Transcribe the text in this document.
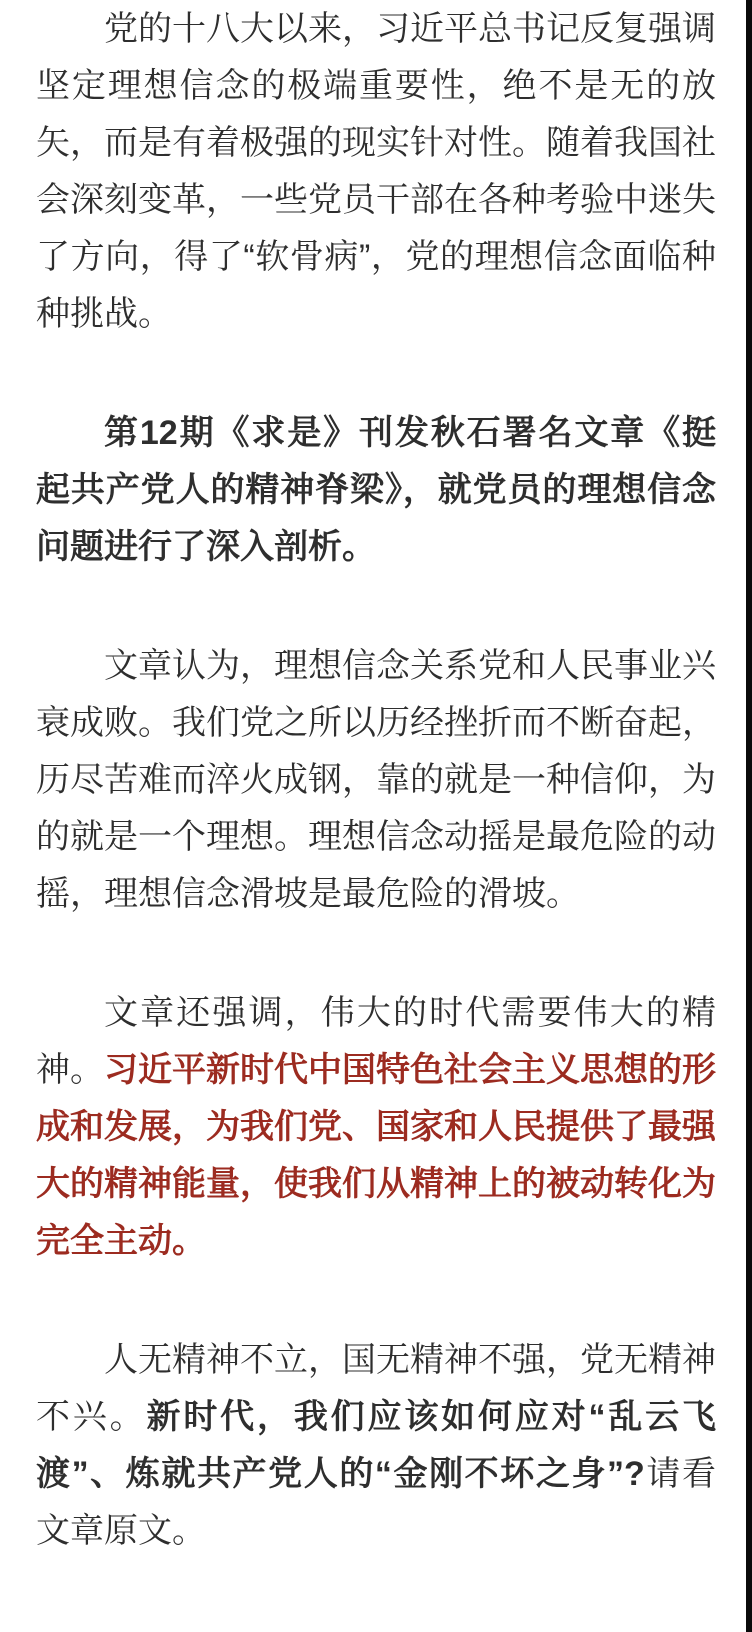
党的十八大以来，习近平总书记反复强调坚定理想信念的极端重要性，绝不是无的放矢，而是有着极强的现实针对性。随着我国社会深刻变革，一些党员干部在各种考验中迷失了方向，得了“软骨病”，党的理想信念面临种种挑战。

第12期《求是》刊发秋石署名文章《挺起共产党人的精神脊梁》，就党员的理想信念问题进行了深入剖析。

文章认为，理想信念关系党和人民事业兴衰成败。我们党之所以历经挫折而不断奋起，历尽苦难而淬火成钢，靠的就是一种信仰，为的就是一个理想。理想信念动摇是最危险的动摇，理想信念滑坡是最危险的滑坡。

文章还强调，伟大的时代需要伟大的精神。习近平新时代中国特色社会主义思想的形成和发展，为我们党、国家和人民提供了最强大的精神能量，使我们从精神上的被动转化为完全主动。

人无精神不立，国无精神不强，党无精神不兴。新时代，我们应该如何应对“乱云飞渡”、炼就共产党人的“金刚不坏之身”?请看文章原文。
